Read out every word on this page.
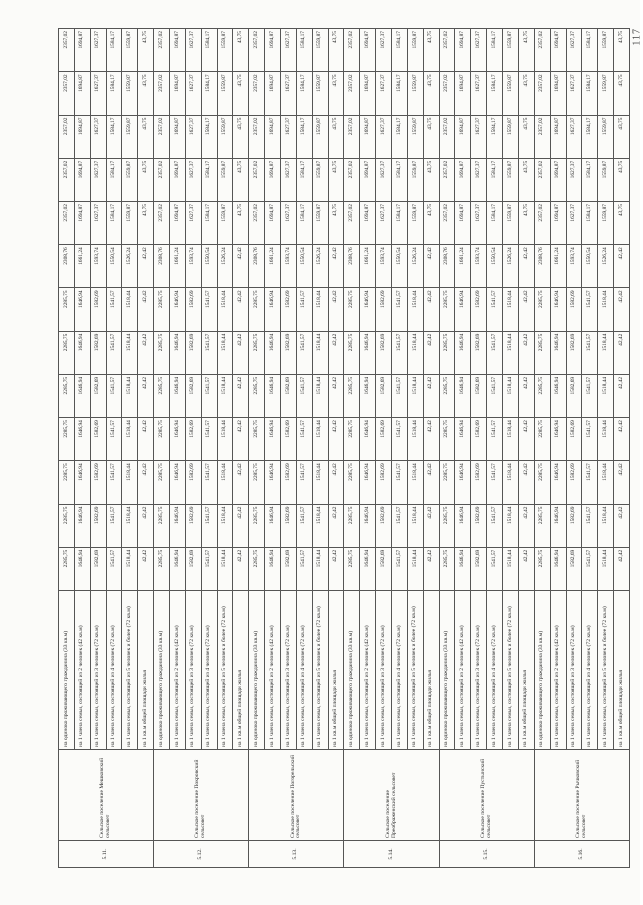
117
5.11.	Сельское поселение Мешковский сельсовет	на одиноко проживающего гражданина (33 кв.м)	2285,75	2285,75	2285,75	2285,75	2285,75	2285,75	2285,75	2308,76	2357,02	2357,02	2357,02	2357,02	2357,02
		на 1 члена семьи, состоящей из 2 человек (42 кв.м)	1646,94	1646,94	1646,94	1646,94	1646,94	1646,94	1646,94	1661,24	1694,87	1694,87	1694,87	1694,87	1694,87
		на 1 члена семьи, состоящей из 3 человек (72 кв.м)	1582,69	1582,69	1582,69	1582,69	1582,69	1582,69	1582,69	1593,74	1627,37	1627,37	1627,37	1627,37	1627,37
		на 1 члена семьи, состоящей из 4 человек (72 кв.м)	1541,57	1541,57	1541,57	1541,57	1541,57	1541,57	1541,57	1550,54	1584,17	1584,17	1584,17	1584,17	1584,17
		на 1 члена семьи, состоящей из 5 человек и более (72 кв.м)	1518,44	1518,44	1518,44	1518,44	1518,44	1518,44	1518,44	1526,24	1559,87	1559,87	1559,87	1559,87	1559,87
		на 1 кв.м общей площади жилья	42,42	42,42	42,42	42,42	42,42	42,42	42,42	42,42	43,75	43,75	43,75	43,75	43,75
5.12.	Сельское поселение Покровский сельсовет	на одиноко проживающего гражданина (33 кв.м)	2285,75	2285,75	2285,75	2285,75	2285,75	2285,75	2285,75	2308,76	2357,02	2357,02	2357,02	2357,02	2357,02
		на 1 члена семьи, состоящей из 2 человек (42 кв.м)	1646,94	1646,94	1646,94	1646,94	1646,94	1646,94	1646,94	1661,24	1694,87	1694,87	1694,87	1694,87	1694,87
		на 1 члена семьи, состоящей из 3 человек (72 кв.м)	1582,69	1582,69	1582,69	1582,69	1582,69	1582,69	1582,69	1593,74	1627,37	1627,37	1627,37	1627,37	1627,37
		на 1 члена семьи, состоящей из 4 человек (72 кв.м)	1541,57	1541,57	1541,57	1541,57	1541,57	1541,57	1541,57	1550,54	1584,17	1584,17	1584,17	1584,17	1584,17
		на 1 члена семьи, состоящей из 5 человек и более (72 кв.м)	1518,44	1518,44	1518,44	1518,44	1518,44	1518,44	1518,44	1526,24	1559,87	1559,87	1559,87	1559,87	1559,87
		на 1 кв.м общей площади жилья	42,42	42,42	42,42	42,42	42,42	42,42	42,42	42,42	43,75	43,75	43,75	43,75	43,75
5.13.	Сельское поселение Погорельский сельсовет	на одиноко проживающего гражданина (33 кв.м)	2285,75	2285,75	2285,75	2285,75	2285,75	2285,75	2285,75	2308,76	2357,02	2357,02	2357,02	2357,02	2357,02
		на 1 члена семьи, состоящей из 2 человек (42 кв.м)	1646,94	1646,94	1646,94	1646,94	1646,94	1646,94	1646,94	1661,24	1694,87	1694,87	1694,87	1694,87	1694,87
		на 1 члена семьи, состоящей из 3 человек (72 кв.м)	1582,69	1582,69	1582,69	1582,69	1582,69	1582,69	1582,69	1593,74	1627,37	1627,37	1627,37	1627,37	1627,37
		на 1 члена семьи, состоящей из 4 человек (72 кв.м)	1541,57	1541,57	1541,57	1541,57	1541,57	1541,57	1541,57	1550,54	1584,17	1584,17	1584,17	1584,17	1584,17
		на 1 члена семьи, состоящей из 5 человек и более (72 кв.м)	1518,44	1518,44	1518,44	1518,44	1518,44	1518,44	1518,44	1526,24	1559,87	1559,87	1559,87	1559,87	1559,87
		на 1 кв.м общей площади жилья	42,42	42,42	42,42	42,42	42,42	42,42	42,42	42,42	43,75	43,75	43,75	43,75	43,75
5.14.	Сельское поселение Преображенский сельсовет	на одиноко проживающего гражданина (33 кв.м)	2285,75	2285,75	2285,75	2285,75	2285,75	2285,75	2285,75	2308,76	2357,02	2357,02	2357,02	2357,02	2357,02
		на 1 члена семьи, состоящей из 2 человек (42 кв.м)	1646,94	1646,94	1646,94	1646,94	1646,94	1646,94	1646,94	1661,24	1694,87	1694,87	1694,87	1694,87	1694,87
		на 1 члена семьи, состоящей из 3 человек (72 кв.м)	1582,69	1582,69	1582,69	1582,69	1582,69	1582,69	1582,69	1593,74	1627,37	1627,37	1627,37	1627,37	1627,37
		на 1 члена семьи, состоящей из 4 человек (72 кв.м)	1541,57	1541,57	1541,57	1541,57	1541,57	1541,57	1541,57	1550,54	1584,17	1584,17	1584,17	1584,17	1584,17
		на 1 члена семьи, состоящей из 5 человек и более (72 кв.м)	1518,44	1518,44	1518,44	1518,44	1518,44	1518,44	1518,44	1526,24	1559,87	1559,87	1559,87	1559,87	1559,87
		на 1 кв.м общей площади жилья	42,42	42,42	42,42	42,42	42,42	42,42	42,42	42,42	43,75	43,75	43,75	43,75	43,75
5.15.	Сельское поселение Пустынский сельсовет	на одиноко проживающего гражданина (33 кв.м)	2285,75	2285,75	2285,75	2285,75	2285,75	2285,75	2285,75	2308,76	2357,02	2357,02	2357,02	2357,02	2357,02
		на 1 члена семьи, состоящей из 2 человек (42 кв.м)	1646,94	1646,94	1646,94	1646,94	1646,94	1646,94	1646,94	1661,24	1694,87	1694,87	1694,87	1694,87	1694,87
		на 1 члена семьи, состоящей из 3 человек (72 кв.м)	1582,69	1582,69	1582,69	1582,69	1582,69	1582,69	1582,69	1593,74	1627,37	1627,37	1627,37	1627,37	1627,37
		на 1 члена семьи, состоящей из 4 человек (72 кв.м)	1541,57	1541,57	1541,57	1541,57	1541,57	1541,57	1541,57	1550,54	1584,17	1584,17	1584,17	1584,17	1584,17
		на 1 члена семьи, состоящей из 5 человек и более (72 кв.м)	1518,44	1518,44	1518,44	1518,44	1518,44	1518,44	1518,44	1526,24	1559,87	1559,87	1559,87	1559,87	1559,87
		на 1 кв.м общей площади жилья	42,42	42,42	42,42	42,42	42,42	42,42	42,42	42,42	43,75	43,75	43,75	43,75	43,75
5.16.	Сельское поселение Рычковский сельсовет	на одиноко проживающего гражданина (33 кв.м)	2285,75	2285,75	2285,75	2285,75	2285,75	2285,75	2285,75	2308,76	2357,02	2357,02	2357,02	2357,02	2357,02
		на 1 члена семьи, состоящей из 2 человек (42 кв.м)	1646,94	1646,94	1646,94	1646,94	1646,94	1646,94	1646,94	1661,24	1694,87	1694,87	1694,87	1694,87	1694,87
		на 1 члена семьи, состоящей из 3 человек (72 кв.м)	1582,69	1582,69	1582,69	1582,69	1582,69	1582,69	1582,69	1593,74	1627,37	1627,37	1627,37	1627,37	1627,37
		на 1 члена семьи, состоящей из 4 человек (72 кв.м)	1541,57	1541,57	1541,57	1541,57	1541,57	1541,57	1541,57	1550,54	1584,17	1584,17	1584,17	1584,17	1584,17
		на 1 члена семьи, состоящей из 5 человек и более (72 кв.м)	1518,44	1518,44	1518,44	1518,44	1518,44	1518,44	1518,44	1526,24	1559,87	1559,87	1559,87	1559,87	1559,87
		на 1 кв.м общей площади жилья	42,42	42,42	42,42	42,42	42,42	42,42	42,42	42,42	43,75	43,75	43,75	43,75	43,75
